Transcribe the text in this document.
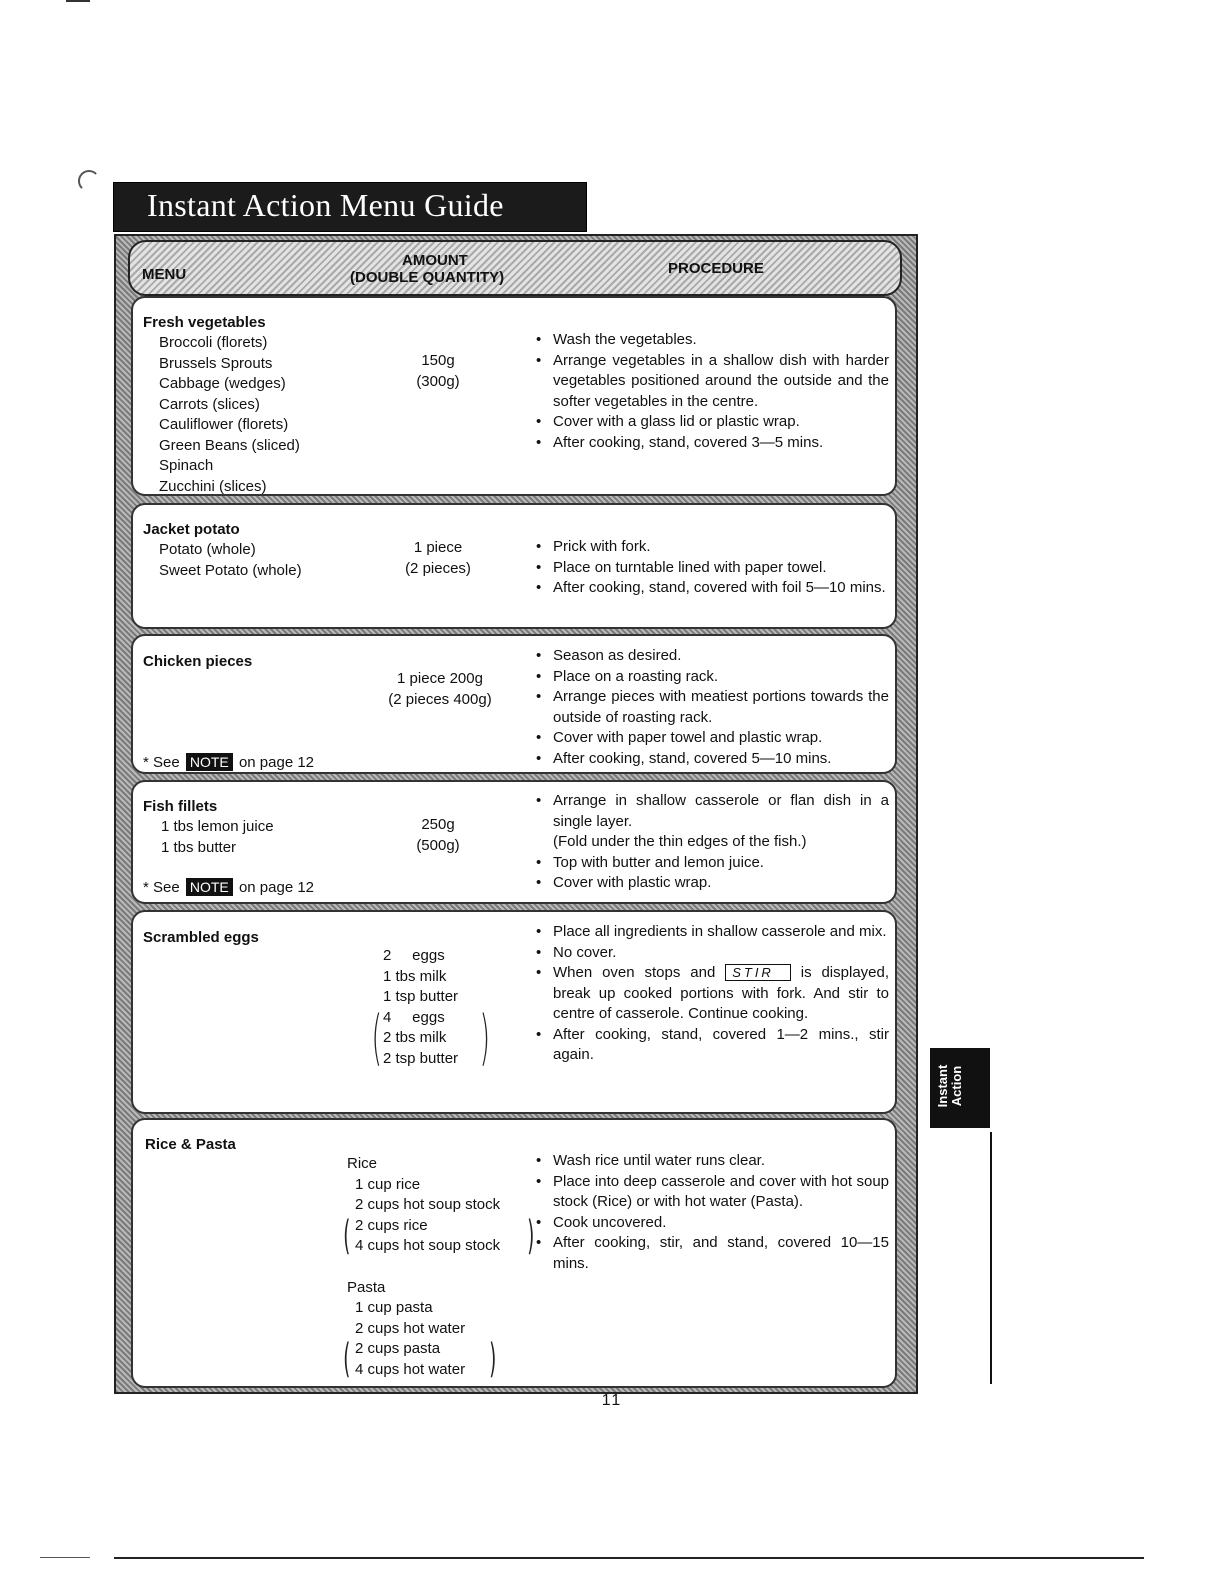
Instant Action Menu Guide
MENU
AMOUNT
(DOUBLE QUANTITY)
PROCEDURE
Fresh vegetables
Broccoli (florets)
Brussels Sprouts
Cabbage (wedges)
Carrots (slices)
Cauliflower (florets)
Green Beans (sliced)
Spinach
Zucchini (slices)
150g
(300g)
• Wash the vegetables.
• Arrange vegetables in a shallow dish with harder vegetables positioned around the outside and the softer vegetables in the centre.
• Cover with a glass lid or plastic wrap.
• After cooking, stand, covered 3—5 mins.
Jacket potato
Potato (whole)
Sweet Potato (whole)
1 piece
(2 pieces)
• Prick with fork.
• Place on turntable lined with paper towel.
• After cooking, stand, covered with foil 5—10 mins.
Chicken pieces
* See NOTE on page 12
1 piece 200g
(2 pieces 400g)
• Season as desired.
• Place on a roasting rack.
• Arrange pieces with meatiest portions towards the outside of roasting rack.
• Cover with paper towel and plastic wrap.
• After cooking, stand, covered 5—10 mins.
Fish fillets
1 tbs lemon juice
1 tbs butter
* See NOTE on page 12
250g
(500g)
• Arrange in shallow casserole or flan dish in a single layer.
(Fold under the thin edges of the fish.)
• Top with butter and lemon juice.
• Cover with plastic wrap.
Scrambled eggs
2     eggs
1 tbs milk
1 tsp butter
( 4     eggs
2 tbs milk
2 tsp butter )
• Place all ingredients in shallow casserole and mix.
• No cover.
• When oven stops and STIR is displayed, break up cooked portions with fork. And stir to centre of casserole. Continue cooking.
• After cooking, stand, covered 1—2 mins., stir again.
Rice & Pasta
Rice
1 cup rice
2 cups hot soup stock
( 2 cups rice
4 cups hot soup stock )
Pasta
1 cup pasta
2 cups hot water
( 2 cups pasta
4 cups hot water )
• Wash rice until water runs clear.
• Place into deep casserole and cover with hot soup stock (Rice) or with hot water (Pasta).
• Cook uncovered.
• After cooking, stir, and stand, covered 10—15 mins.
11
Instant Action
